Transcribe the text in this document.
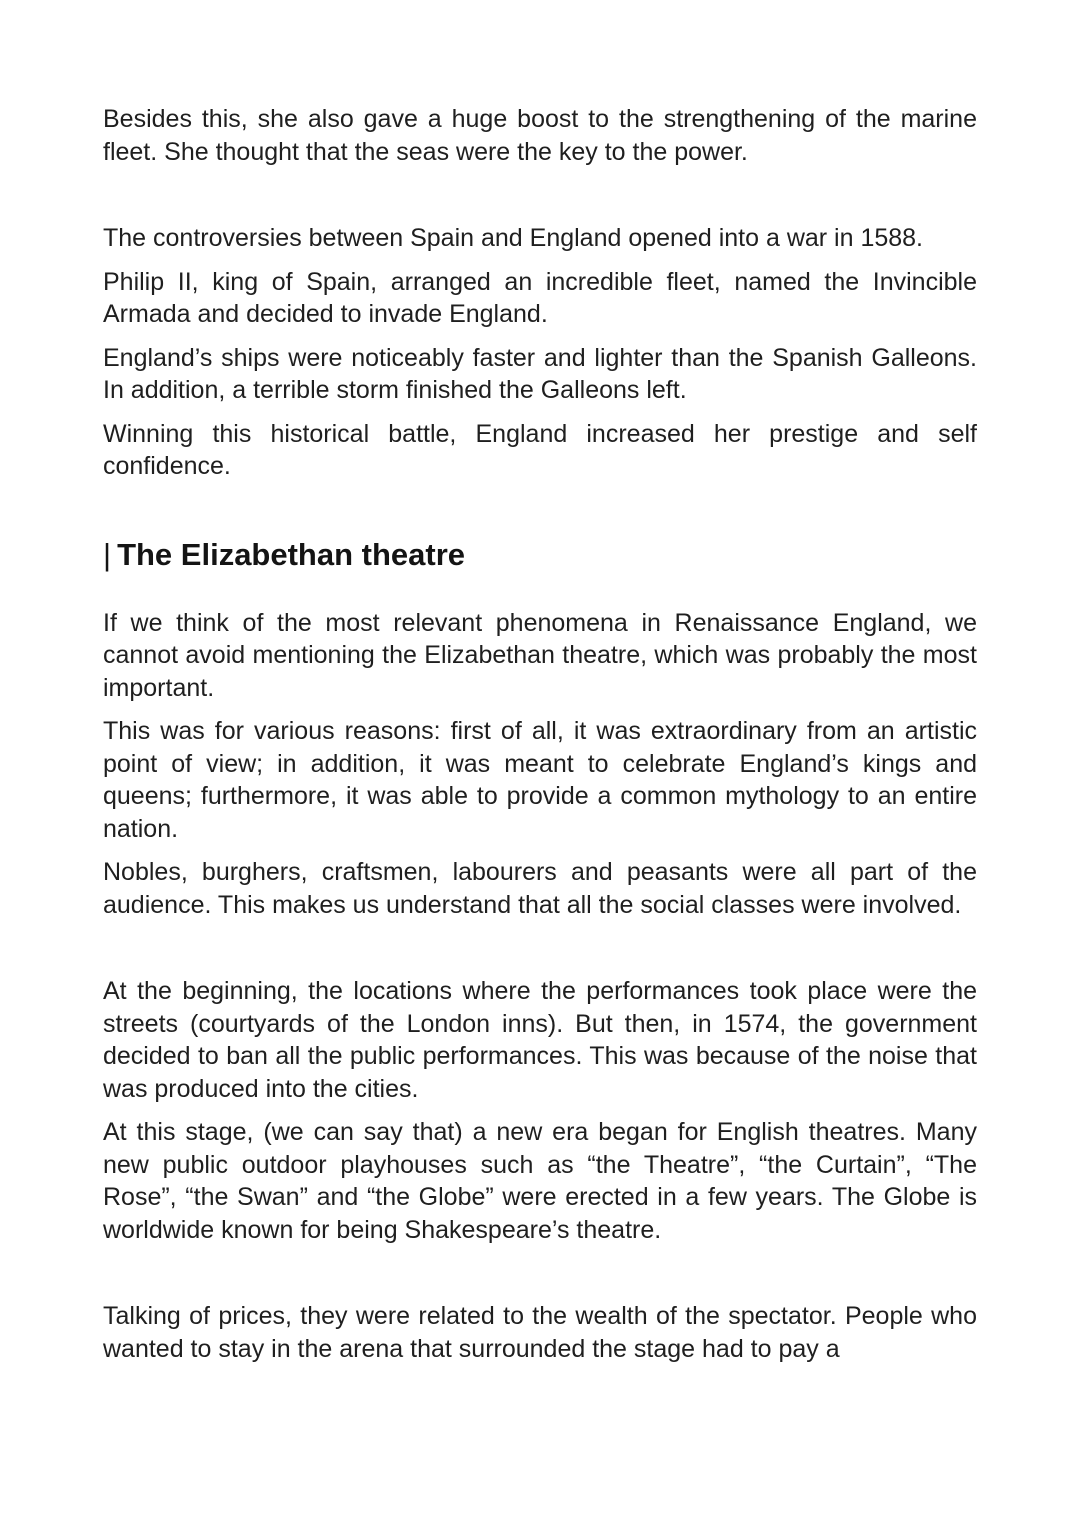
Besides this, she also gave a huge boost to the strengthening of the marine fleet. She thought that the seas were the key to the power.

The controversies between Spain and England opened into a war in 1588.

Philip II, king of Spain, arranged an incredible fleet, named the Invincible Armada and decided to invade England.

England’s ships were noticeably faster and lighter than the Spanish Galleons. In addition, a terrible storm finished the Galleons left.

Winning this historical battle, England increased her prestige and self confidence.

| The Elizabethan theatre

If we think of the most relevant phenomena in Renaissance England, we cannot avoid mentioning the Elizabethan theatre, which was probably the most important.

This was for various reasons: first of all, it was extraordinary from an artistic point of view; in addition, it was meant to celebrate England’s kings and queens; furthermore, it was able to provide a common mythology to an entire nation.

Nobles, burghers, craftsmen, labourers and peasants were all part of the audience. This makes us understand that all the social classes were involved.

At the beginning, the locations where the performances took place were the streets (courtyards of the London inns). But then, in 1574, the government decided to ban all the public performances. This was because of the noise that was produced into the cities.

At this stage, (we can say that) a new era began for English theatres. Many new public outdoor playhouses such as “the Theatre”, “the Curtain”, “The Rose”, “the Swan” and “the Globe” were erected in a few years. The Globe is worldwide known for being Shakespeare’s theatre.

Talking of prices, they were related to the wealth of the spectator. People who wanted to stay in the arena that surrounded the stage had to pay a
